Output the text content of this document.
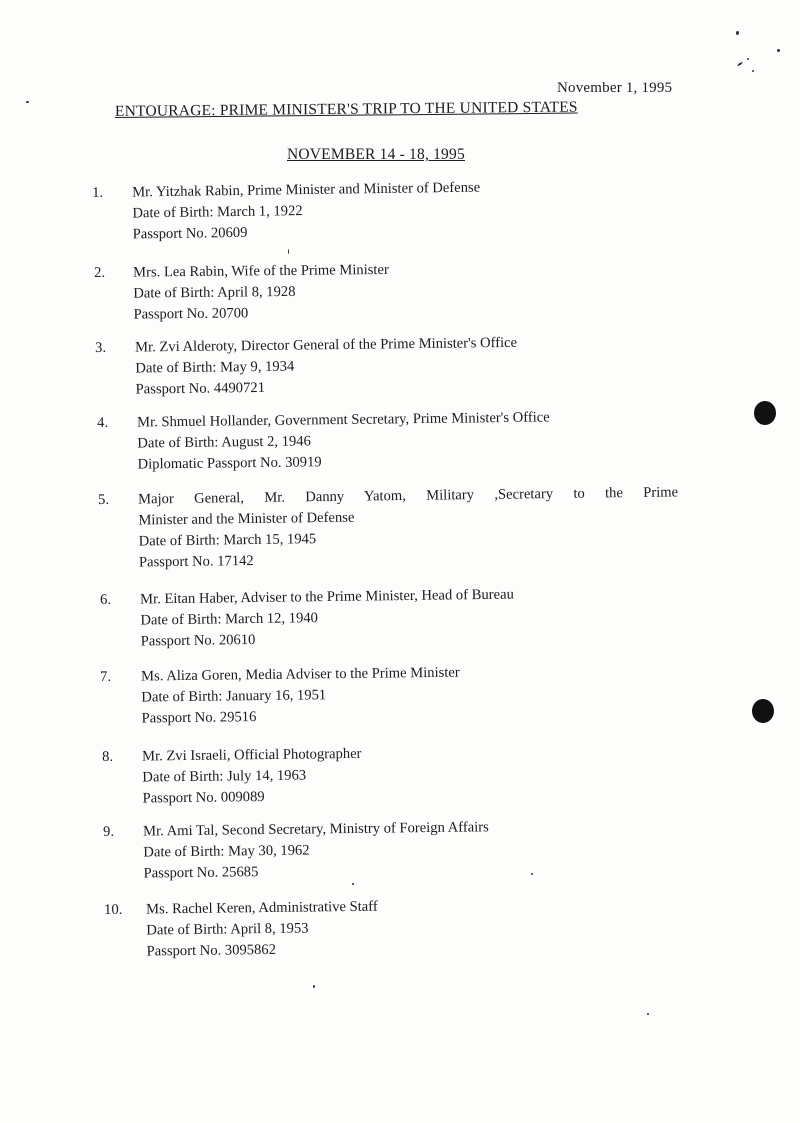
November 1, 1995
ENTOURAGE: PRIME MINISTER'S TRIP TO THE UNITED STATES
NOVEMBER 14 - 18, 1995
1. Mr. Yitzhak Rabin, Prime Minister and Minister of Defense
Date of Birth: March 1, 1922
Passport No. 20609
2. Mrs. Lea Rabin, Wife of the Prime Minister
Date of Birth: April 8, 1928
Passport No. 20700
3. Mr. Zvi Alderoty, Director General of the Prime Minister's Office
Date of Birth: May 9, 1934
Passport No. 4490721
4. Mr. Shmuel Hollander, Government Secretary, Prime Minister's Office
Date of Birth: August 2, 1946
Diplomatic Passport No. 30919
5. Major General, Mr. Danny Yatom, Military ,Secretary to the Prime
Minister and the Minister of Defense
Date of Birth: March 15, 1945
Passport No. 17142
6. Mr. Eitan Haber, Adviser to the Prime Minister, Head of Bureau
Date of Birth: March 12, 1940
Passport No. 20610
7. Ms. Aliza Goren, Media Adviser to the Prime Minister
Date of Birth: January 16, 1951
Passport No. 29516
8. Mr. Zvi Israeli, Official Photographer
Date of Birth: July 14, 1963
Passport No. 009089
9. Mr. Ami Tal, Second Secretary, Ministry of Foreign Affairs
Date of Birth: May 30, 1962
Passport No. 25685
10. Ms. Rachel Keren, Administrative Staff
Date of Birth: April 8, 1953
Passport No. 3095862
